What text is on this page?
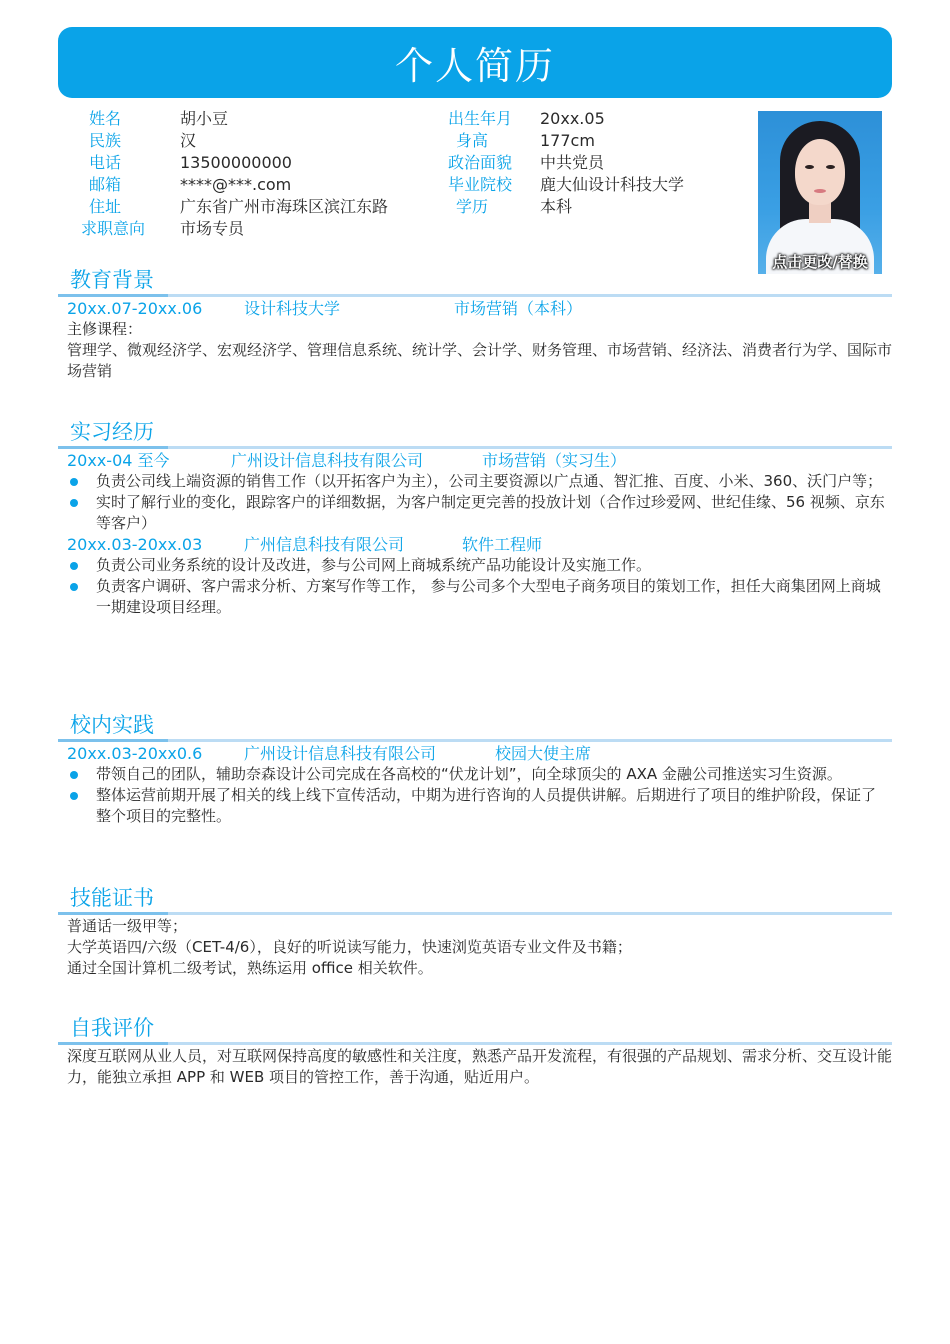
个人简历
姓名	胡小豆
民族	汉
电话	13500000000
邮箱	****@***.com
住址	广东省广州市海珠区滨江东路
求职意向 市场专员
出生年月 20xx.05
身高	177cm
政治面貌 中共党员
毕业院校 鹿大仙设计科技大学
学历	本科
点击更改/替换
教育背景
20xx.07-20xx.06	设计科技大学	市场营销（本科）
主修课程：
管理学、微观经济学、宏观经济学、管理信息系统、统计学、会计学、财务管理、市场营销、经济法、消费者行为学、国际市场营销
实习经历
20xx-04 至今	广州设计信息科技有限公司	市场营销（实习生）
负责公司线上端资源的销售工作（以开拓客户为主），公司主要资源以广点通、智汇推、百度、小米、360、沃门户等；
实时了解行业的变化，跟踪客户的详细数据，为客户制定更完善的投放计划（合作过珍爱网、世纪佳缘、56 视频、京东等客户）
20xx.03-20xx.03	广州信息科技有限公司	软件工程师
负责公司业务系统的设计及改进，参与公司网上商城系统产品功能设计及实施工作。
负责客户调研、客户需求分析、方案写作等工作， 参与公司多个大型电子商务项目的策划工作，担任大商集团网上商城一期建设项目经理。
校内实践
20xx.03-20xx0.6	广州设计信息科技有限公司	校园大使主席
带领自己的团队，辅助奈森设计公司完成在各高校的“伏龙计划”，向全球顶尖的 AXA 金融公司推送实习生资源。
整体运营前期开展了相关的线上线下宣传活动，中期为进行咨询的人员提供讲解。后期进行了项目的维护阶段，保证了整个项目的完整性。
技能证书
普通话一级甲等；
大学英语四/六级（CET-4/6），良好的听说读写能力，快速浏览英语专业文件及书籍；
通过全国计算机二级考试，熟练运用 office 相关软件。
自我评价
深度互联网从业人员，对互联网保持高度的敏感性和关注度，熟悉产品开发流程，有很强的产品规划、需求分析、交互设计能力，能独立承担 APP 和 WEB 项目的管控工作，善于沟通，贴近用户。
